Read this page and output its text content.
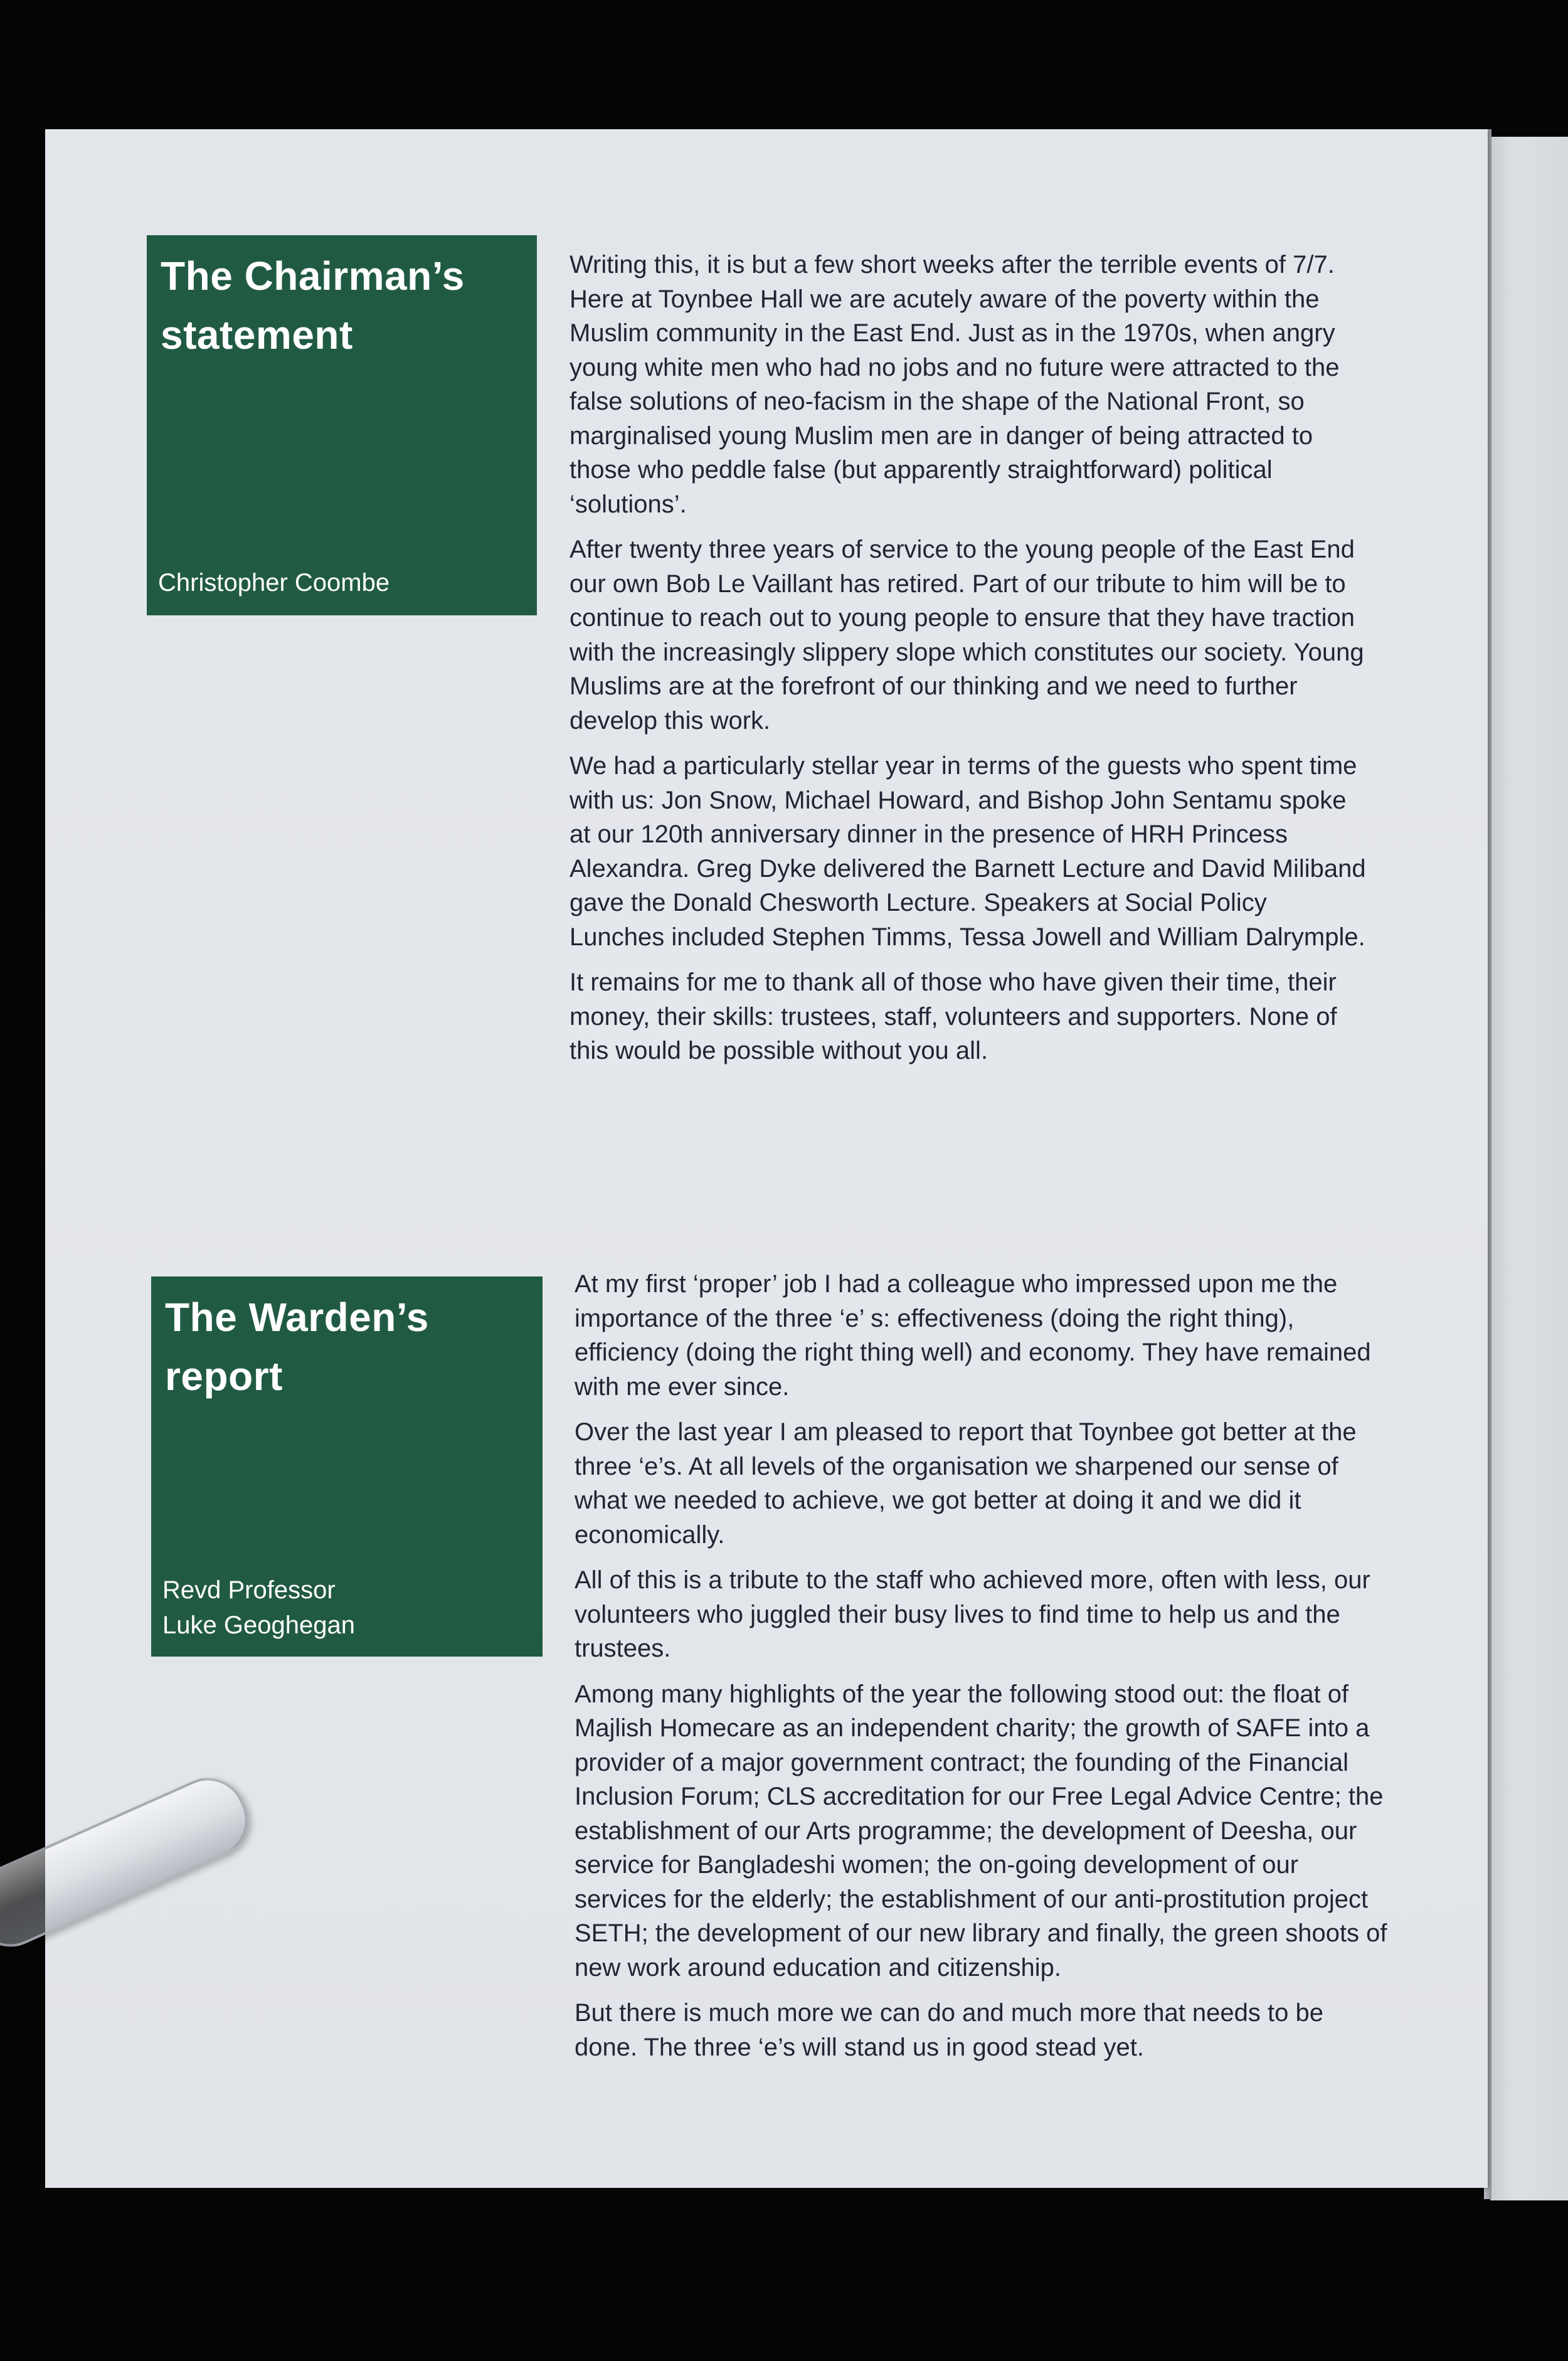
The Chairman’s statement
Christopher Coombe

Writing this, it is but a few short weeks after the terrible events of 7/7. Here at Toynbee Hall we are acutely aware of the poverty within the Muslim community in the East End. Just as in the 1970s, when angry young white men who had no jobs and no future were attracted to the false solutions of neo-facism in the shape of the National Front, so marginalised young Muslim men are in danger of being attracted to those who peddle false (but apparently straightforward) political ‘solutions’.

After twenty three years of service to the young people of the East End our own Bob Le Vaillant has retired. Part of our tribute to him will be to continue to reach out to young people to ensure that they have traction with the increasingly slippery slope which constitutes our society. Young Muslims are at the forefront of our thinking and we need to further develop this work.

We had a particularly stellar year in terms of the guests who spent time with us: Jon Snow, Michael Howard, and Bishop John Sentamu spoke at our 120th anniversary dinner in the presence of HRH Princess Alexandra. Greg Dyke delivered the Barnett Lecture and David Miliband gave the Donald Chesworth Lecture. Speakers at Social Policy Lunches included Stephen Timms, Tessa Jowell and William Dalrymple.

It remains for me to thank all of those who have given their time, their money, their skills: trustees, staff, volunteers and supporters. None of this would be possible without you all.

The Warden’s report
Revd Professor
Luke Geoghegan

At my first ‘proper’ job I had a colleague who impressed upon me the importance of the three ‘e’ s: effectiveness (doing the right thing), efficiency (doing the right thing well) and economy. They have remained with me ever since.

Over the last year I am pleased to report that Toynbee got better at the three ‘e’s. At all levels of the organisation we sharpened our sense of what we needed to achieve, we got better at doing it and we did it economically.

All of this is a tribute to the staff who achieved more, often with less, our volunteers who juggled their busy lives to find time to help us and the trustees.

Among many highlights of the year the following stood out: the float of Majlish Homecare as an independent charity; the growth of SAFE into a provider of a major government contract; the founding of the Financial Inclusion Forum; CLS accreditation for our Free Legal Advice Centre; the establishment of our Arts programme; the development of Deesha, our service for Bangladeshi women; the on-going development of our services for the elderly; the establishment of our anti-prostitution project SETH; the development of our new library and finally, the green shoots of new work around education and citizenship.

But there is much more we can do and much more that needs to be done. The three ‘e’s will stand us in good stead yet.
